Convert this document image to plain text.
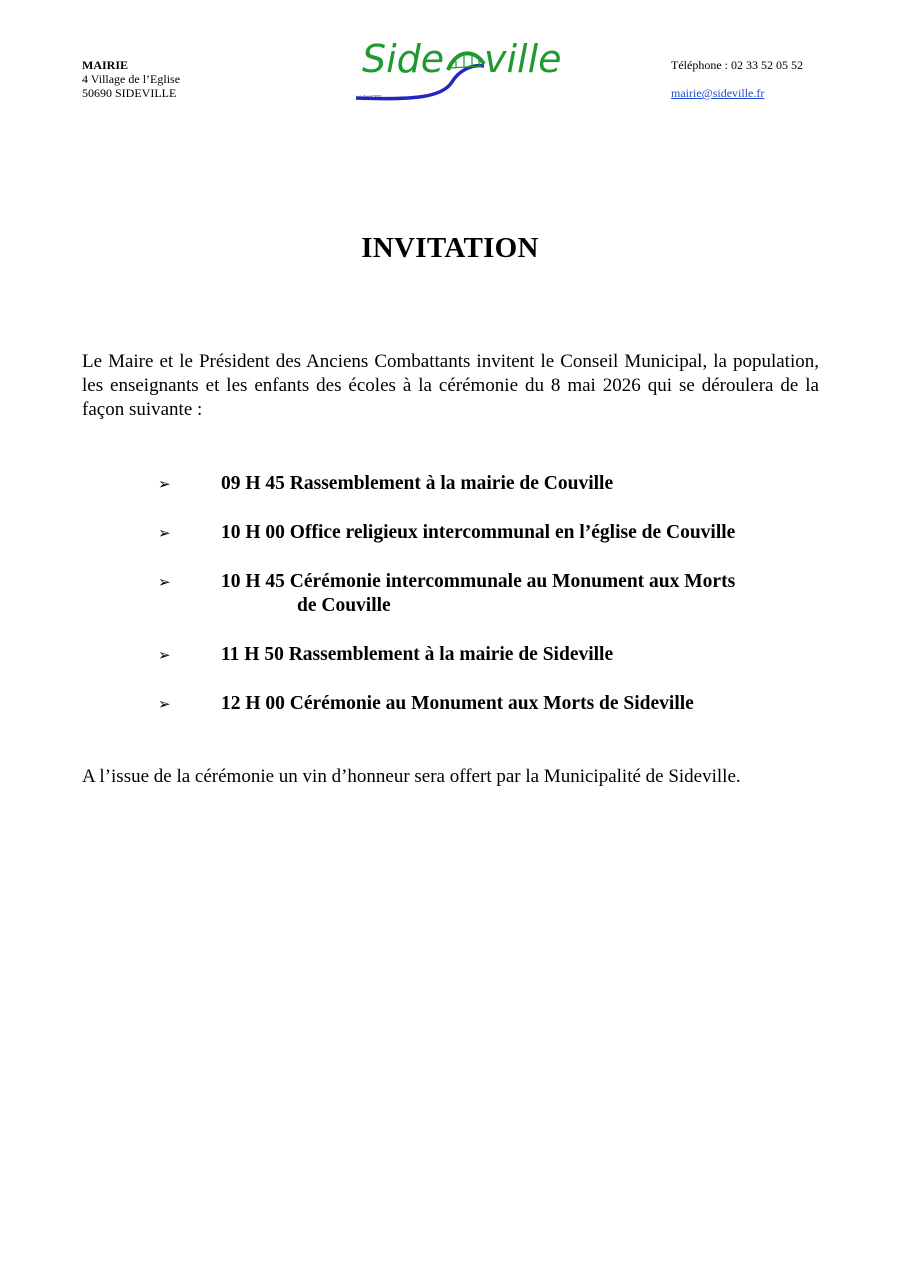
MAIRIE
4 Village de l’Eglise
50690 SIDEVILLE
Side ville
LA DIVETTE
Téléphone : 02 33 52 05 52
mairie@sideville.fr
INVITATION
Le Maire et le Président des Anciens Combattants invitent le Conseil Municipal, la population, les enseignants et les enfants des écoles à la cérémonie du 8 mai 2026 qui se déroulera de la façon suivante :
➢	09 H 45 Rassemblement à la mairie de Couville
➢	10 H 00 Office religieux intercommunal en l’église de Couville
➢	10 H 45 Cérémonie intercommunale au Monument aux Morts
de Couville
➢	11 H 50 Rassemblement à la mairie de Sideville
➢	12 H 00 Cérémonie au Monument aux Morts de Sideville
A l’issue de la cérémonie un vin d’honneur sera offert par la Municipalité de Sideville.
